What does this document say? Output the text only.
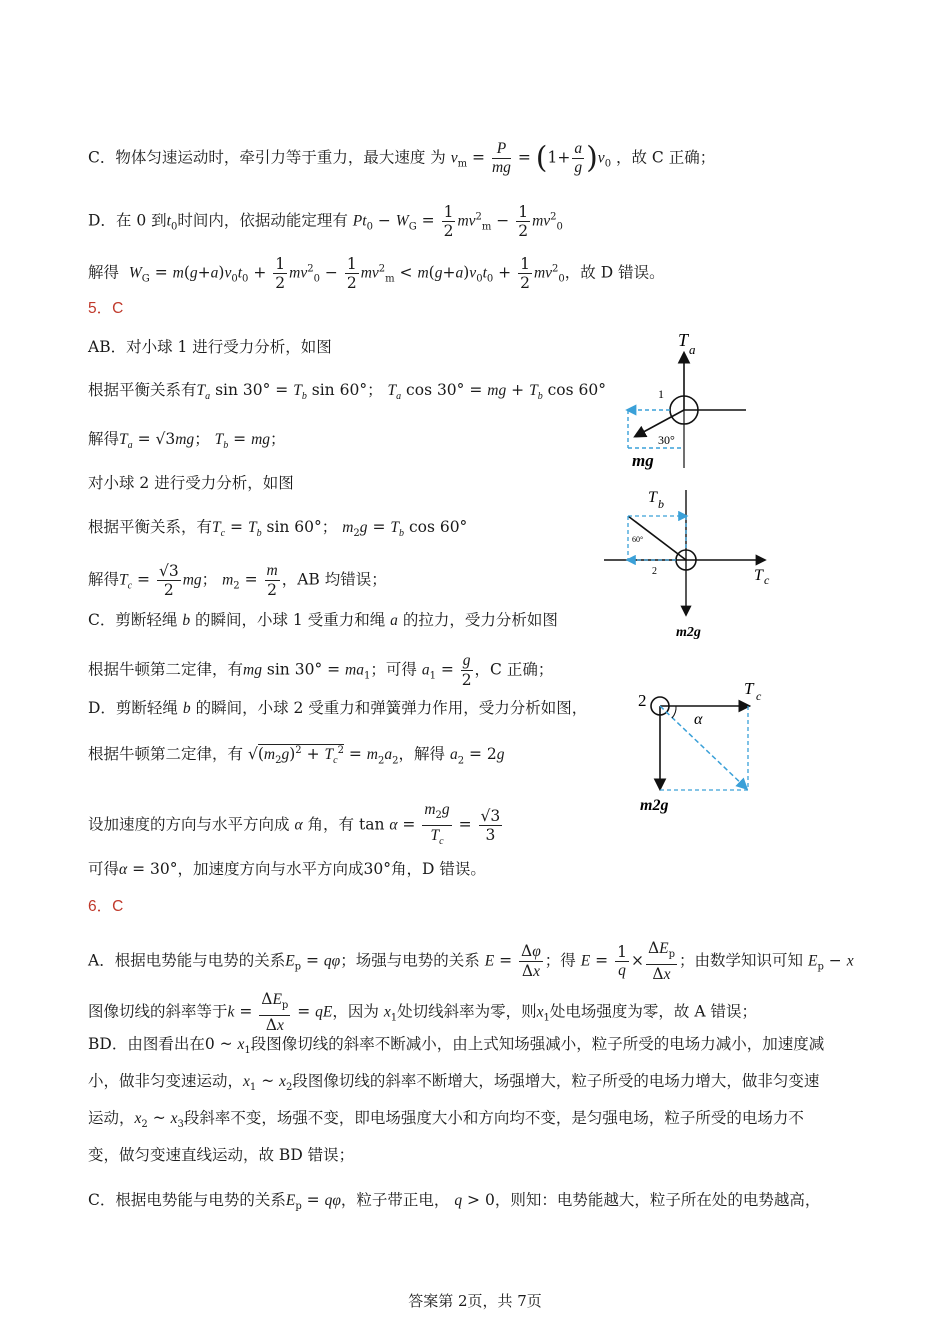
C．物体匀速运动时，牵引力等于重力，最大速度 为 $v_m = \frac{P}{mg} = (1+ \frac{a}{g} )v_0$ ，故 C 正确；
D．在 0 到$t_0$时间内，依据动能定理有 $Pt_0 - W_G = \frac{1}{2} mv^2_m - \frac{1}{2} mv^2_0$
解得 $W_G = m(g+a)v_0t_0 + \frac{1}{2} mv^2_0 - \frac{1}{2} mv^2_m < m(g+a)v_0t_0 + \frac{1}{2} mv^2_0$，故 D 错误。
5．C
AB．对小球 1 进行受力分析，如图
根据平衡关系有$T_a$ $\sin 30^\circ = T_b$ sin 60°； $T_a$ cos 30° = mg + $T_b$ cos 60°
解得$T_a = √3mg$； $T_b$ = mg；
对小球 2 进行受力分析，如图
根据平衡关系，有$T_c = T_b$ sin 60°； $m_2g = T_b$ cos 60°
解得$T_c = \frac{√3}{2}$ mg； $m_2 = \frac{m}{2}$ ，AB 均错误；
C．剪断轻绳 b 的瞬间，小球 1 受重力和绳 a 的拉力，受力分析如图
根据牛顿第二定律，有mg $\sin 30^\circ = ma_1$；可得 $a_1 = \frac{g}{2}$ ，C 正确；
D．剪断轻绳 b 的瞬间，小球 2 受重力和弹簧弹力作用，受力分析如图，
根据牛顿第二定律，有 $√(m_2g)^2 + T_c^2 = m_2a_2$，解得 $a_2 = 2g$
设加速度的方向与水平方向成 α 角，有 $\tan \alpha = \frac{m_2g}{T_c} = \frac{√3}{3}$
可得α = 30°，加速度方向与水平方向成30°角，D 错误。
6．C
A．根据电势能与电势的关系$E_p = q\varphi$；场强与电势的关系 $E = \frac{\Delta\varphi}{\Delta x}$ ；得 $E = \frac{1}{q}$ ×
$\Delta E_p$
Δx
；由数学知识可知 $E_p - x$
图像切线的斜率等于k =
$\Delta E_p$
Δx
= qE，因为 $x_1$处切线斜率为零，则$x_1$处电场强度为零，故 A 错误；
BD．由图看出在0 ~ $x_1$段图像切线的斜率不断减小，由上式知场强减小，粒子所受的电场力减小，加速度减
小，做非匀变速运动，$x_1$ ~ $x_2$段图像切线的斜率不断增大，场强增大，粒子所受的电场力增大，做非匀变速
运动，$x_2$ ~ $x_3$段斜率不变，场强不变，即电场强度大小和方向均不变，是匀强电场，粒子所受的电场力不
变，做匀变速直线运动，故 BD 错误；
C．根据电势能与电势的关系$E_p = q\varphi$，粒子带正电， q > 0，则知：电势能越大，粒子所在处的电势越高，
T a
1
30°
mg
T b
60°
2	T c
m2g
2
T c
α
m2g
答案第 2页，共 7页
